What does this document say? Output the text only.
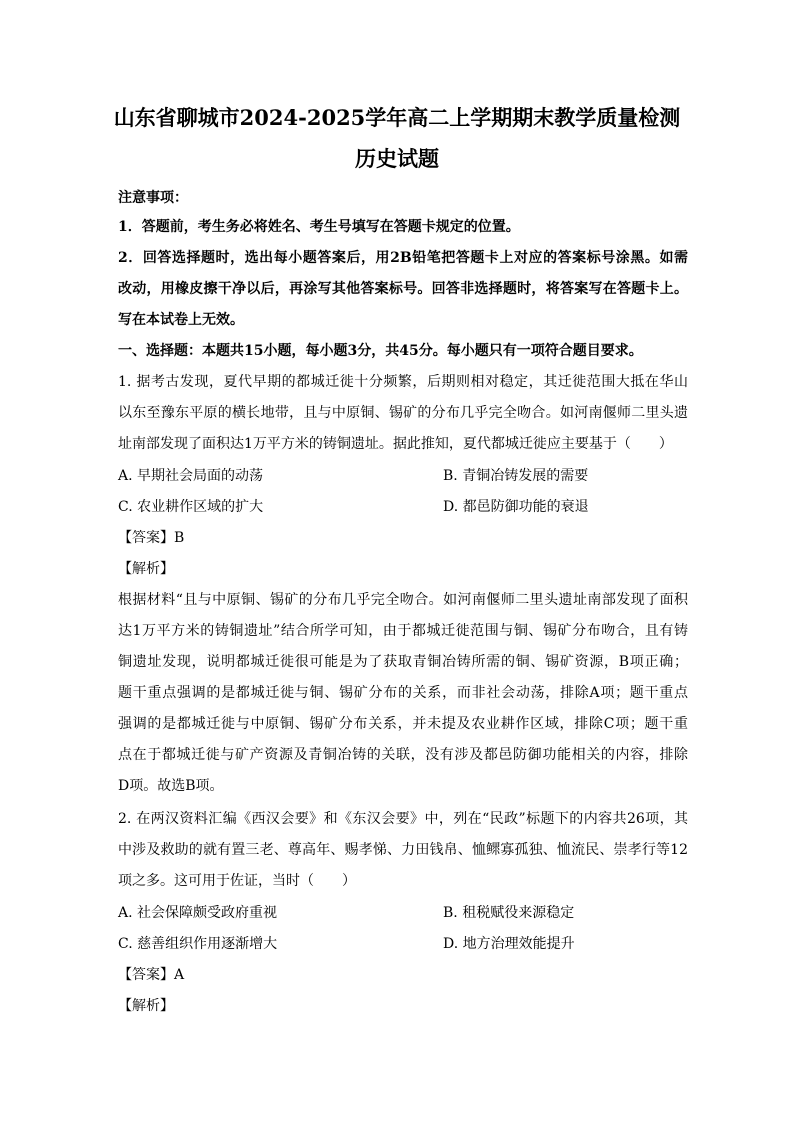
山东省聊城市2024-2025学年高二上学期期末教学质量检测
历史试题
注意事项：
1．答题前，考生务必将姓名、考生号填写在答题卡规定的位置。
2．回答选择题时，选出每小题答案后，用2B铅笔把答题卡上对应的答案标号涂黑。如需
改动，用橡皮擦干净以后，再涂写其他答案标号。回答非选择题时，将答案写在答题卡上。
写在本试卷上无效。
一、选择题：本题共15小题，每小题3分，共45分。每小题只有一项符合题目要求。
1. 据考古发现，夏代早期的都城迁徙十分频繁，后期则相对稳定，其迁徙范围大抵在华山
以东至豫东平原的横长地带，且与中原铜、锡矿的分布几乎完全吻合。如河南偃师二里头遗
址南部发现了面积达1万平方米的铸铜遗址。据此推知，夏代都城迁徙应主要基于（　　）
A. 早期社会局面的动荡	B. 青铜冶铸发展的需要
C. 农业耕作区域的扩大	D. 都邑防御功能的衰退
【答案】B
【解析】
根据材料“且与中原铜、锡矿的分布几乎完全吻合。如河南偃师二里头遗址南部发现了面积
达1万平方米的铸铜遗址”结合所学可知，由于都城迁徙范围与铜、锡矿分布吻合，且有铸
铜遗址发现，说明都城迁徙很可能是为了获取青铜冶铸所需的铜、锡矿资源，B项正确；
题干重点强调的是都城迁徙与铜、锡矿分布的关系，而非社会动荡，排除A项；题干重点
强调的是都城迁徙与中原铜、锡矿分布关系，并未提及农业耕作区域，排除C项；题干重
点在于都城迁徙与矿产资源及青铜冶铸的关联，没有涉及都邑防御功能相关的内容，排除
D项。故选B项。
2. 在两汉资料汇编《西汉会要》和《东汉会要》中，列在“民政”标题下的内容共26项，其
中涉及救助的就有置三老、尊高年、赐孝悌、力田钱帛、恤鳏寡孤独、恤流民、崇孝行等12
项之多。这可用于佐证，当时（　　）
A. 社会保障颇受政府重视	B. 租税赋役来源稳定
C. 慈善组织作用逐渐增大	D. 地方治理效能提升
【答案】A
【解析】
